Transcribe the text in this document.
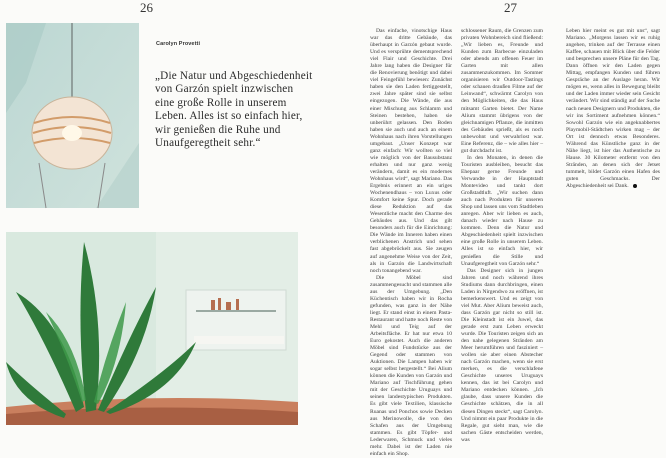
26	27
Carolyn Provetti
„Die Natur und Abgeschiedenheit von Garzón spielt inzwischen eine große Rolle in unserem Leben. Alles ist so einfach hier, wir genießen die Ruhe und Unaufgeregtheit sehr.“

Das einfache, vinotschige Haus war das dritte Gebäude, das überhaupt in Garzón gebaut wurde. Und es versprühte dementsprechend viel Flair und Geschichte. Drei Jahre lang haben die Designer für die Renovierung benötigt und dabei viel Feingefühl bewiesen: Zunächst haben sie den Laden fertiggestellt, zwei Jahre später sind sie selbst eingezogen. Die Wände, die aus einer Mischung aus Schlamm und Steinen bestehen, haben sie unberührt gelassen. Den Boden haben sie auch und auch an einem Wohnhaus nach ihren Vorstellungen umgebaut. „Unser Konzept war ganz einfach: Wir wollten so viel wie möglich von der Bausubstanz erhalten und nur ganz wenig verändern, damit es ein modernes Wohnhaus wird“, sagt Mariano. Das Ergebnis erinnert an ein uriges Wochenendhaus – von Luxus oder Komfort keine Spur. Doch gerade diese Reduktion auf das Wesentliche macht den Charme des Gebäudes aus. Und das gilt besonders auch für die Einrichtung: Die Wände im Inneren haben einen verblichenen Anstrich und sehen fast abgebröckelt aus. Sie zeugen auf angenehme Weise von der Zeit, als in Garzón die Landwirtschaft noch tonangebend war.

Die Möbel sind zusammengesucht und stammen alle aus der Umgebung. „Den Küchentisch haben wir in Rocha gefunden, was ganz in der Nähe liegt. Er stand einst in einem Pasta-Restaurant und hatte noch Reste von Mehl und Teig auf der Arbeitsfläche. Er hat nur etwa 10 Euro gekostet. Auch die anderen Möbel sind Fundstücke aus der Gegend oder stammen von Auktionen. Die Lampen haben wir sogar selbst hergestellt.“ Bei Alium können die Kunden von Garzón und Mariano auf Tischführung gehen mit der Geschichte Uruguays und seinen landestypischen Produkten. Es gibt viele Textilien, klassische Ruanas und Ponchos sowie Decken aus Merinowolle, die von den Schafen aus der Umgebung stammen. Es gibt Töpfer- und Lederwaren, Schmuck und vieles mehr. Dabei ist der Laden nie einfach ein Shop.

schlossener Raum, die Grenzen zum privaten Wohnbereich sind fließend: „Wir lieben es, Freunde und Kunden zum Barbecue einzuladen oder abends am offenen Feuer im Garten mit allen zusammenzukommen. Im Sommer organisieren wir Outdoor-Tastings oder schauen draußen Filme auf der Leinwand“, schwärmt Carolyn von den Möglichkeiten, die das Haus mitsamt Garten bietet. Der Name Alium stammt übrigens von der gleichnamigen Pflanze, die inmitten des Gebäudes sprießt, als es noch unbewohnt und verwahrlost war. Eine Referenz, die – wie alles hier – gut durchdacht ist.

In den Monaten, in denen die Touristen ausbleiben, besucht das Ehepaar gerne Freunde und Verwandte in der Hauptstadt Montevideo und tankt dort Großstadtluft. „Wir suchen dann auch nach Produkten für unseren Shop und lassen uns vom Stadtleben anregen. Aber wir lieben es auch, danach wieder nach Hause zu kommen. Denn die Natur und Abgeschiedenheit spielt inzwischen eine große Rolle in unserem Leben. Alles ist so einfach hier, wir genießen die Stille und Unaufgeregtheit von Garzón sehr.“

Das Designer sich in jungen Jahren und noch während ihres Studiums dann durchbringen, einen Laden in Nirgendwo zu eröffnen, ist bemerkenswert. Und es zeigt von viel Mut. Aber Alium beweist auch, dass Garzón gar nicht so still ist. Die Kleinstadt ist ein Juwel, das gerade erst zum Leben erweckt wurde. Die Touristen zeigen sich an den nahe gelegenen Stränden am Meer herumführen und fasziniert – wollen sie aber einen Abstecher nach Garzón machen, wenn sie erst merken, es die verschlafene Geschichte unseres Uruguays kennen, das ist bei Carolyn und Mariano entdecken können. „Ich glaube, dass unsere Kunden die Geschichte schätzen, die in all diesen Dingen steckt“, sagt Carolyn. Und nimmt ein paar Produkte in die Regale, gut sieht man, wie die sachen Gäste entscheiden werden, was

Leben hier meint es gut mit uns“, sagt Mariano. „Morgens lassen wir es ruhig angehen, trinken auf der Terrasse einen Kaffee, schauen mit Blick über die Felder und besprechen unsere Pläne für den Tag. Dann öffnen wir den Laden gegen Mittag, empfangen Kunden und führen Gespräche an der Auslage heran. Wir mögen es, wenn alles in Bewegung bleibt und der Laden immer wieder sein Gesicht verändert. Wir sind ständig auf der Suche nach neuen Designern und Produkten, die wir ins Sortiment aufnehmen können.“ Sowohl Garzón wie ein angeknabbertes Playmobil-Städtchen wirken mag – der Ort ist dennoch etwas Besonderes. Während das Künstliche ganz in der Nähe liegt, ist hier das Authentische zu Hause. 30 Kilometer entfernt von den Stränden, an denen sich der Jetset tummelt, bildet Garzón einen Hafen des guten Geschmacks. Der Abgeschiedenheit sei Dank.
